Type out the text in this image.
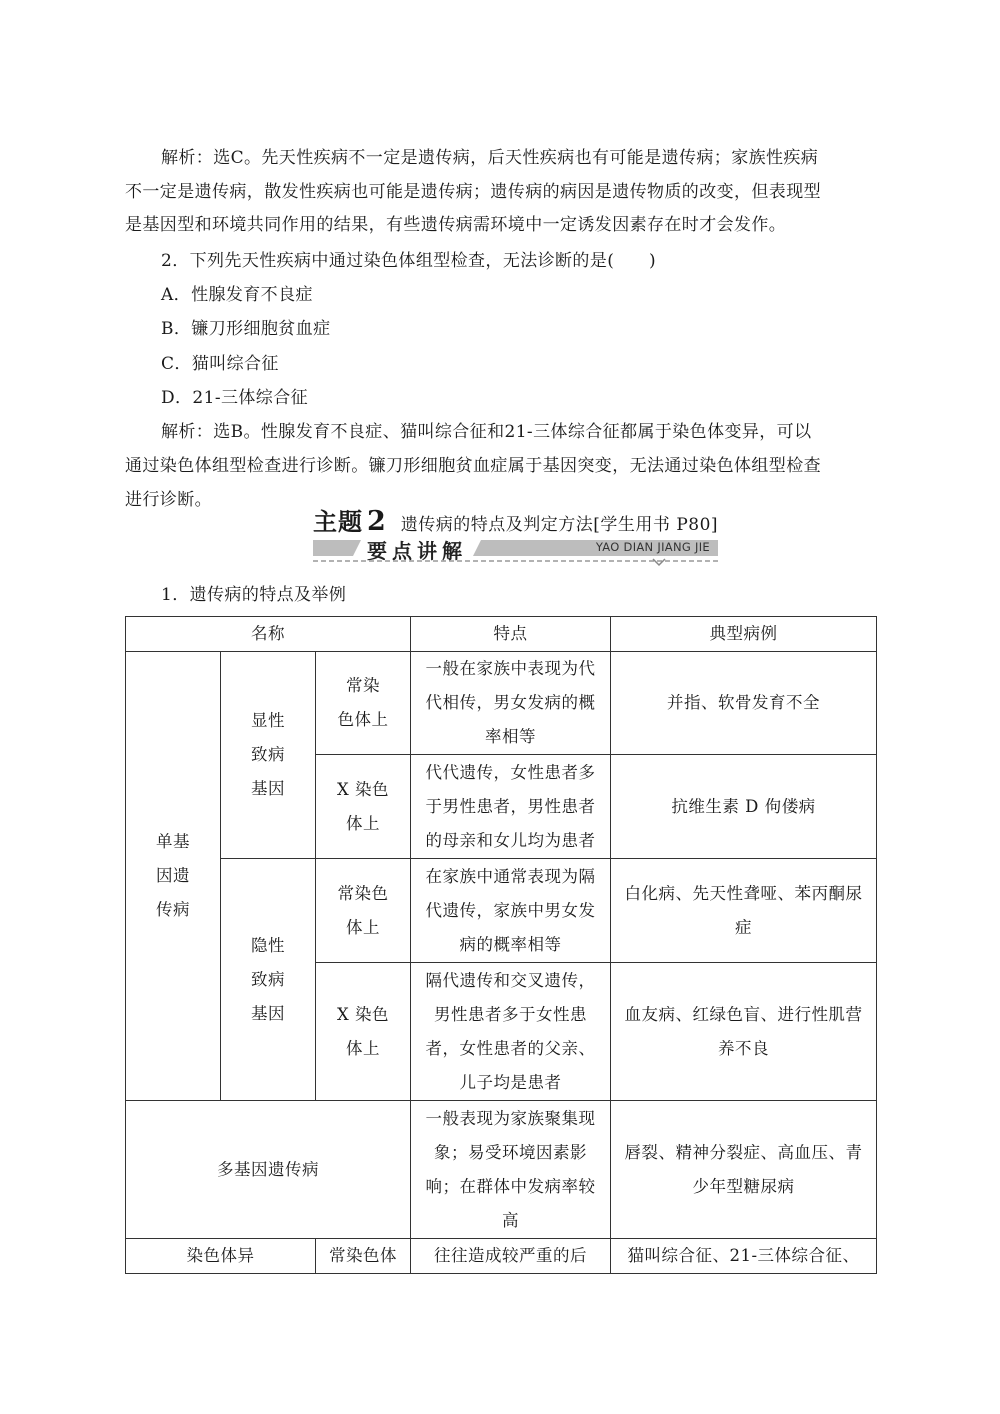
解析：选C。先天性疾病不一定是遗传病，后天性疾病也有可能是遗传病；家族性疾病
不一定是遗传病，散发性疾病也可能是遗传病；遗传病的病因是遗传物质的改变，但表现型
是基因型和环境共同作用的结果，有些遗传病需环境中一定诱发因素存在时才会发作。
2．下列先天性疾病中通过染色体组型检查，无法诊断的是(　　)
A．性腺发育不良症
B．镰刀形细胞贫血症
C．猫叫综合征
D．21-三体综合征
解析：选B。性腺发育不良症、猫叫综合征和21-三体综合征都属于染色体变异，可以
通过染色体组型检查进行诊断。镰刀形细胞贫血症属于基因突变，无法通过染色体组型检查
进行诊断。
主题 2 遗传病的特点及判定方法[学生用书 P80]
要点讲解	YAO DIAN JIANG JIE
1．遗传病的特点及举例
名称			特点	典型病例

单基
因遗
传病	显性
致病
基因	常染
色体上	一般在家族中表现为代
代相传，男女发病的概
率相等	并指、软骨发育不全

		X 染色
体上	代代遗传，女性患者多
于男性患者，男性患者
的母亲和女儿均为患者	抗维生素 D 佝偻病

	隐性
致病
基因	常染色
体上	在家族中通常表现为隔
代遗传，家族中男女发
病的概率相等	白化病、先天性聋哑、苯丙酮尿
症

		X 染色
体上	隔代遗传和交叉遗传，
男性患者多于女性患
者，女性患者的父亲、
儿子均是患者	血友病、红绿色盲、进行性肌营
养不良

多基因遗传病			一般表现为家族聚集现
象；易受环境因素影
响；在群体中发病率较
高	唇裂、精神分裂症、高血压、青
少年型糖尿病

染色体异		常染色体	往往造成较严重的后	猫叫综合征、21-三体综合征、
